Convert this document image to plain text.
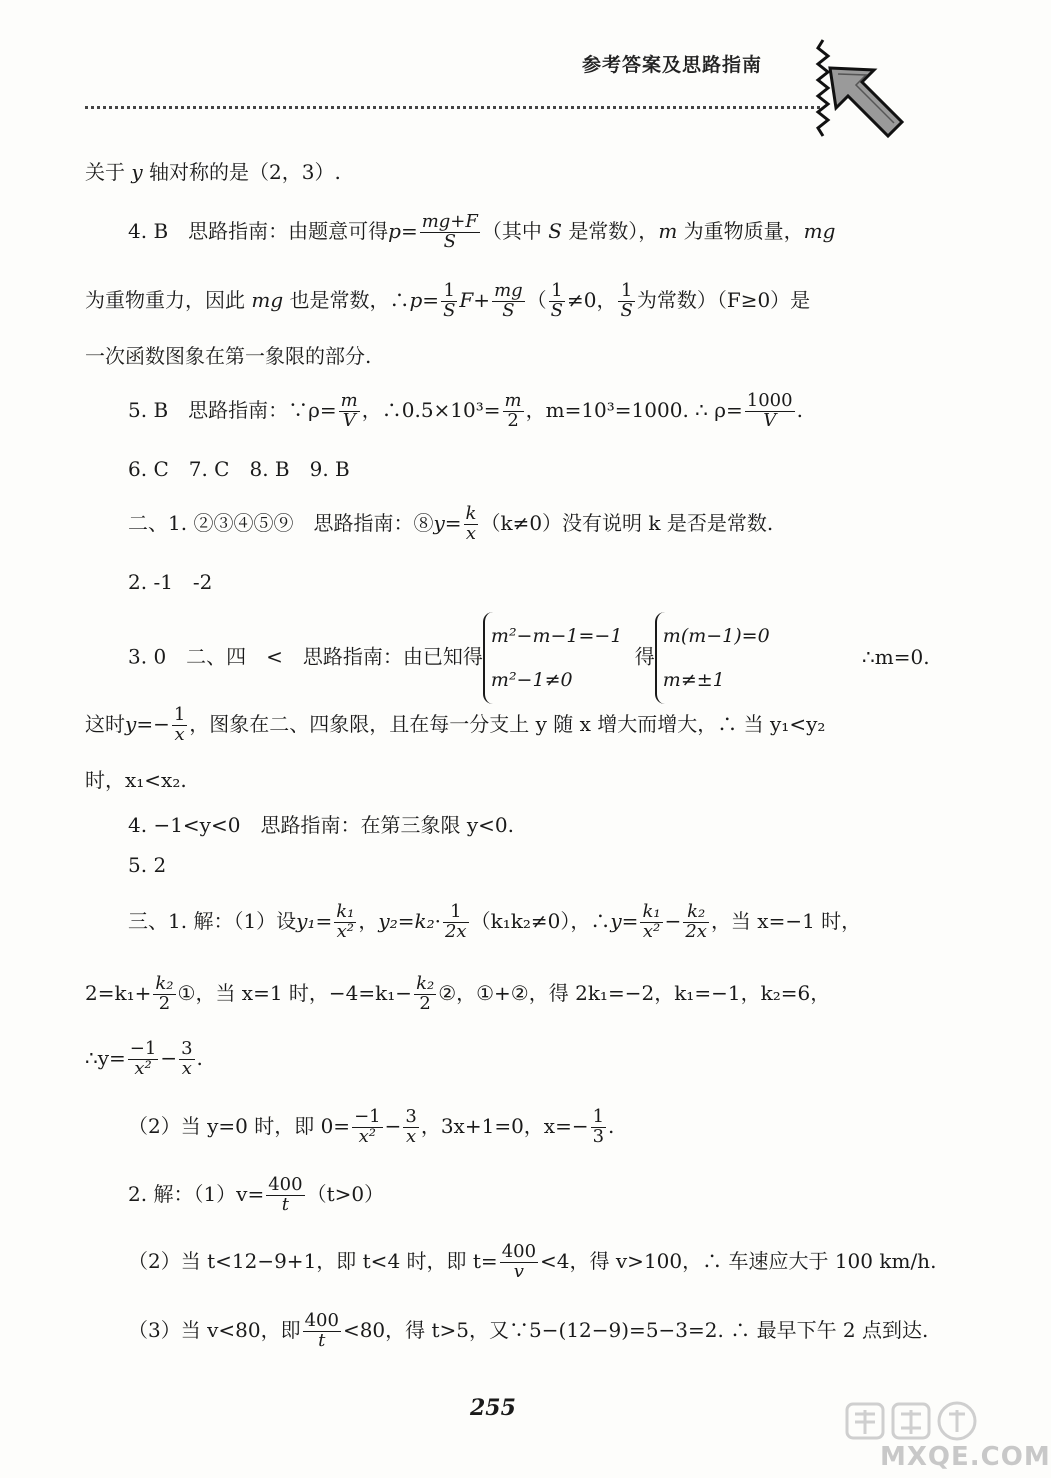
参考答案及思路指南
关于 y 轴对称的是（2，3）.
4. B　思路指南：由题意可得$p= \frac{mg+F}{S}$ （其中 S 是常数），m 为重物质量，mg
为重物重力，因此 mg 也是常数，∴p= $\frac{1}{S} F+ \frac{mg}{S}$ （ $\frac{1}{S} \ne 0$， $\frac{1}{S}$ 为常数）（F≥0）是
一次函数图象在第一象限的部分.
5. B　思路指南：∵ρ= $\frac{m}{V}$ ，∴0.5×10³= $\frac{m}{2}$ ，m=10³=1000. ∴ $\rho= \frac{1000}{V}$ .
6. C　7. C　8. B　9. B
二、1. ②③④⑤⑨　思路指南：⑧y= $\frac{k}{x} (k\ne 0)$没有说明 k 是否是常数.
2. -1　-2
3. 0　二、四　<　思路指南：由已知得
m²−m−1=−1
m²−1≠0
得
m(m−1)=0
m≠±1
∴m=0.
这时$y=- \frac{1}{x}$ ，图象在二、四象限，且在每一分支上 y 随 x 增大而增大，∴ 当 y₁<y₂
时，x₁<x₂.
4. −1<y<0　思路指南：在第三象限 y<0.
5. 2
三、1. 解：（1）设$y_1= \frac{\text{k₁}}{\text{x²}}$ ，$y_2=k_2\cdot \frac{1}{2x} (k_1k_2\ne 0)$，∴y= $\frac{\text{k₁}}{\text{x²}} - \frac{\text{k₂}}{2x}$ ，当 x=−1 时，
$2=k_1+ \frac{\text{k₂}}{2}$ ①，当 x=1 时，$-4=k_1- \frac{\text{k₂}}{2}$ ②，①+②，得 2k₁=−2，k₁=−1，k₂=6，
∴y= $\frac{-1}{\text{x²}} - \frac{3}{x}$ .
（2）当 y=0 时，即 $0= \frac{-1}{\text{x²}} - \frac{3}{x}$ ，3x+1=0，$x=- \frac{1}{3}$ .
2. 解：$(1)v= \frac{400}{t} (t>0)$
（2）当 t<12−9+1，即 t<4 时，即 $t= \frac{400}{v} <4$，得 v>100，∴ 车速应大于 100 km/h.
（3）当 v<80，即 $\frac{400}{t} <80$，得 t>5，又∵5−(12−9)=5−3=2. ∴ 最早下午 2 点到达.
255
MXQE.COM
